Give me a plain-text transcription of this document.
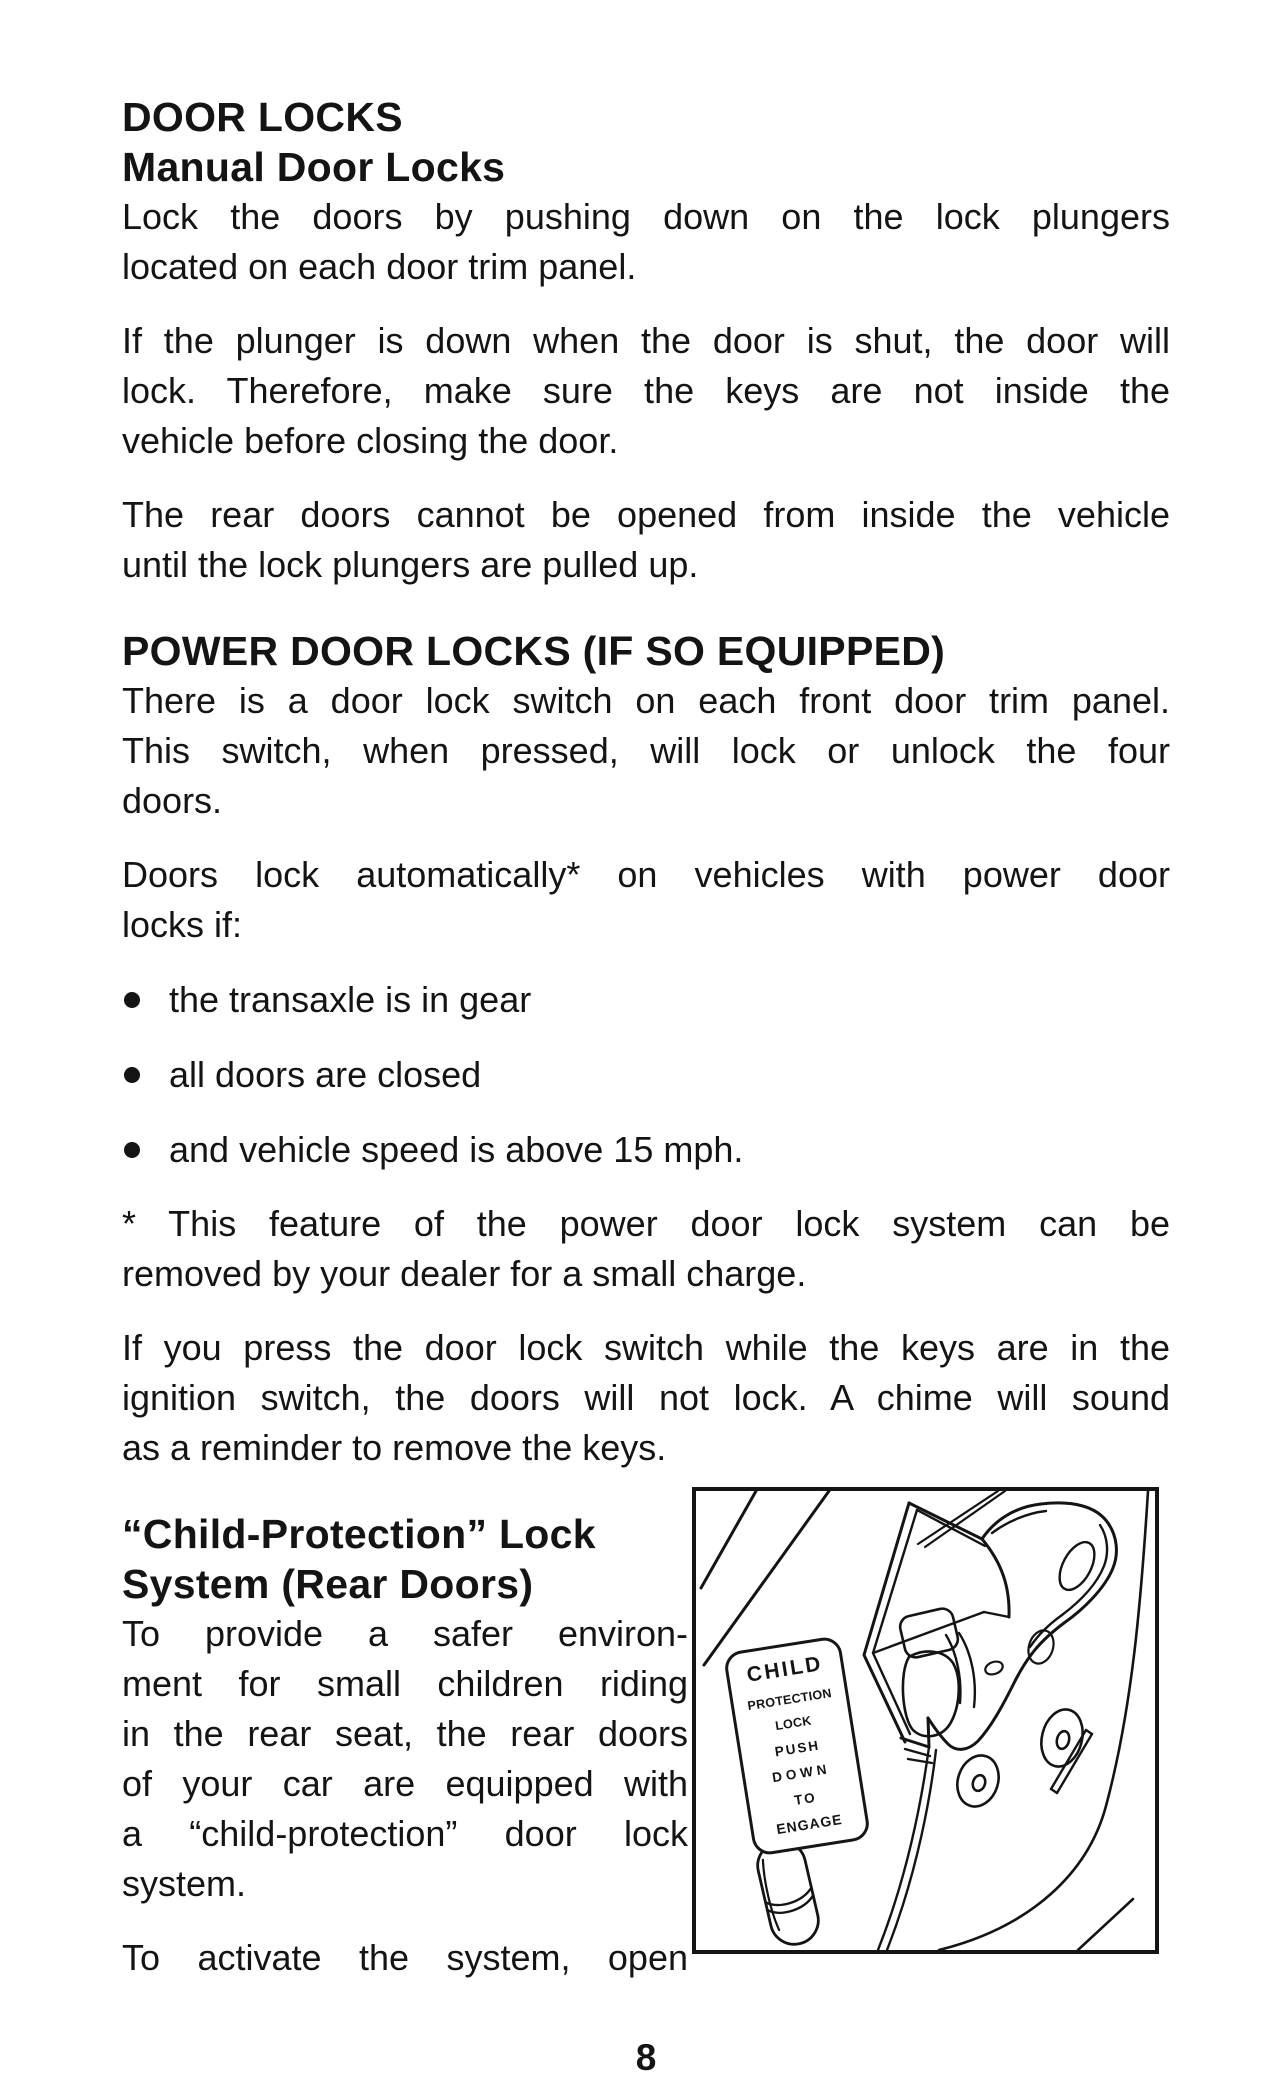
DOOR LOCKS
Manual Door Locks
Lock the doors by pushing down on the lock plungers
located on each door trim panel.
If the plunger is down when the door is shut, the door will
lock. Therefore, make sure the keys are not inside the
vehicle before closing the door.
The rear doors cannot be opened from inside the vehicle
until the lock plungers are pulled up.
POWER DOOR LOCKS (IF SO EQUIPPED)
There is a door lock switch on each front door trim panel.
This switch, when pressed, will lock or unlock the four
doors.
Doors lock automatically* on vehicles with power door
locks if:
the transaxle is in gear
all doors are closed
and vehicle speed is above 15 mph.
* This feature of the power door lock system can be
removed by your dealer for a small charge.
If you press the door lock switch while the keys are in the
ignition switch, the doors will not lock. A chime will sound
as a reminder to remove the keys.
“Child-Protection” Lock
System (Rear Doors)
To provide a safer environ-
ment for small children riding
in the rear seat, the rear doors
of your car are equipped with
a “child-protection” door lock
system.
To activate the system, open
CHILD
PROTECTION
LOCK
PUSH
DOWN
TO
ENGAGE
8
